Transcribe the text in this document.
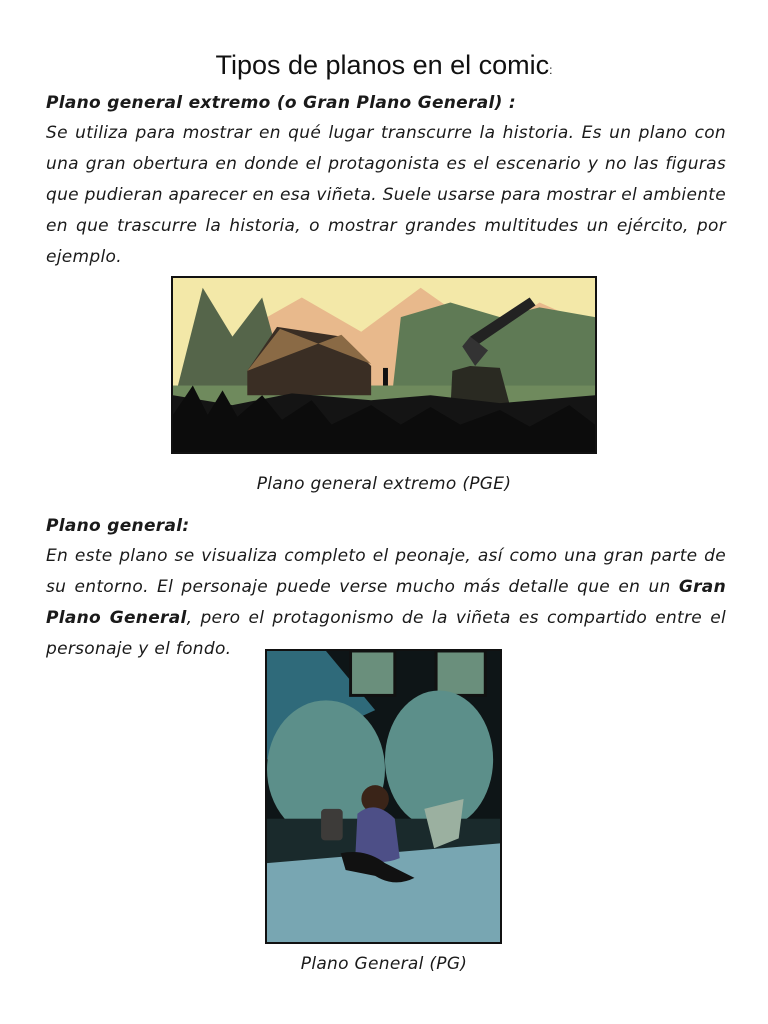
Tipos de planos en el comic:
Plano general extremo (o Gran Plano General) :

Se utiliza para mostrar en qué lugar transcurre la historia. Es un plano con una gran obertura en donde el protagonista es el escenario y no las figuras que pudieran aparecer en esa viñeta. Suele usarse para mostrar el ambiente en que trascurre la historia, o mostrar grandes multitudes un ejército, por ejemplo.

Plano general extremo (PGE)
Plano general:

En este plano se visualiza completo el peonaje, así como una gran parte de su entorno. El personaje puede verse mucho más detalle que en un Gran Plano General, pero el protagonismo de la viñeta es compartido entre el personaje y el fondo.

Plano General (PG)
